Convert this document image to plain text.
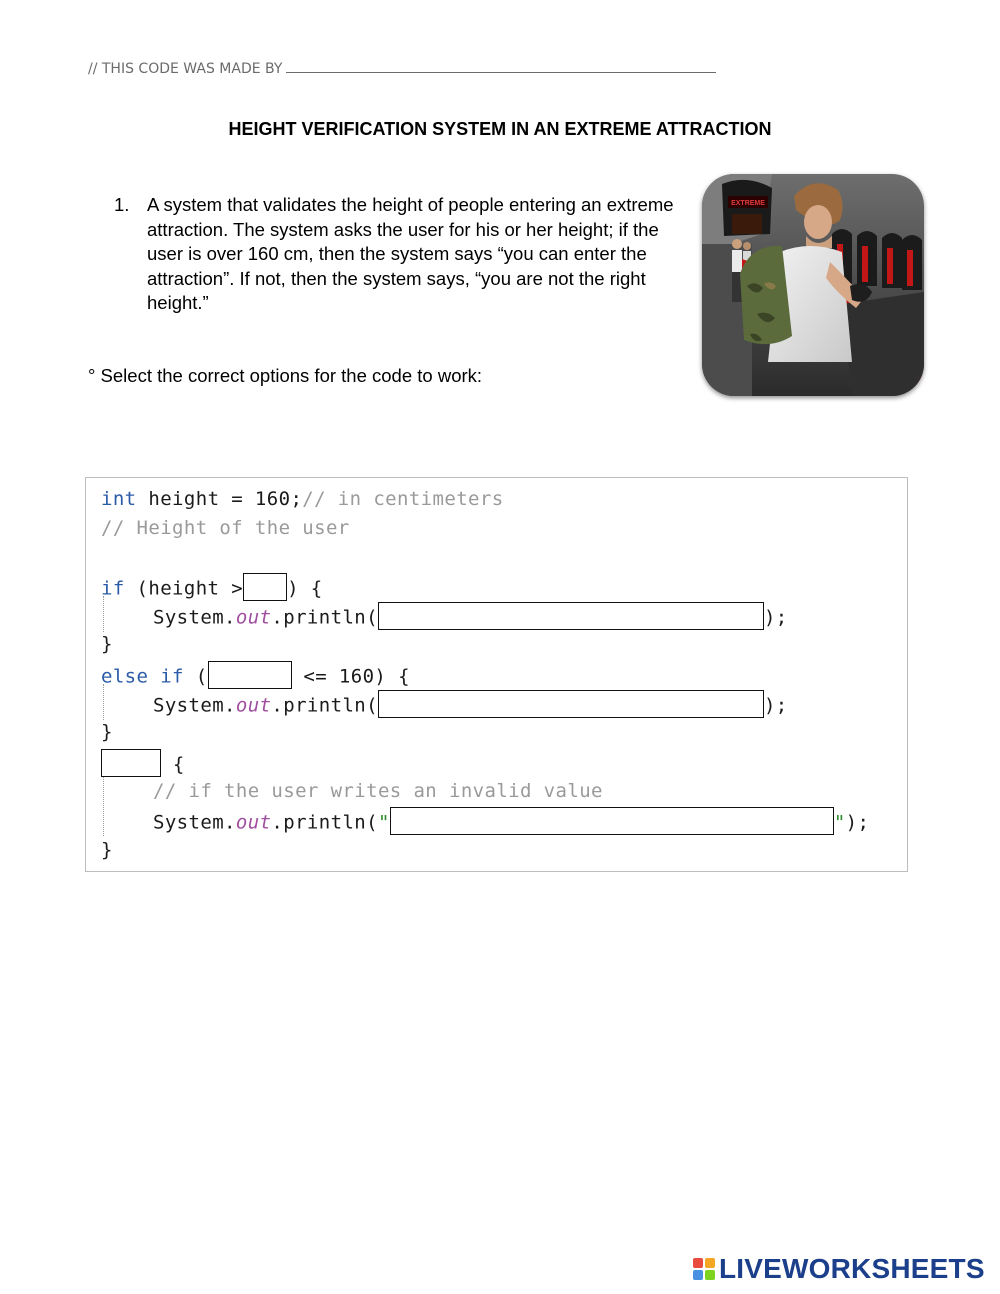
// THIS CODE WAS MADE BY
HEIGHT VERIFICATION SYSTEM IN AN EXTREME ATTRACTION
1. A system that validates the height of people entering an extreme attraction. The system asks the user for his or her height; if the user is over 160 cm, then the system says “you can enter the attraction”. If not, then the system says, “you are not the right height.”
EXTREME
° Select the correct options for the code to work:
int height = 160;// in centimeters
// Height of the user
if (height > ) {
System.out.println(	);
}
else if (	<= 160) {
System.out.println(	);
}
{
// if the user writes an invalid value
System.out.println("	");
}
LIVEWORKSHEETS
